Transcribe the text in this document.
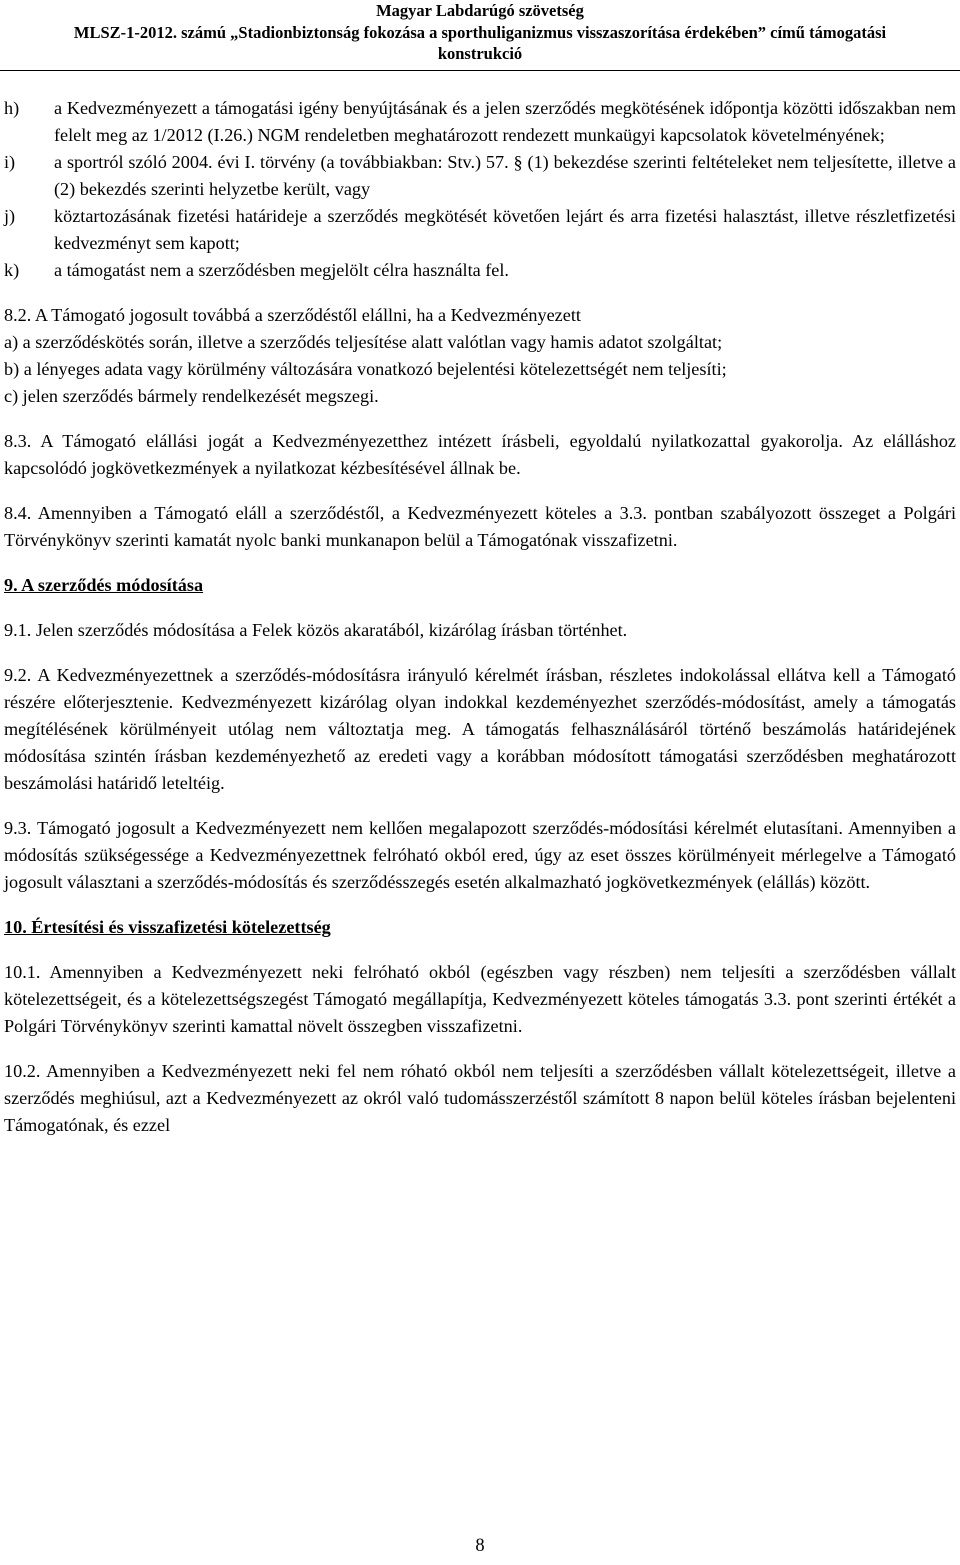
Magyar Labdarúgó szövetség
MLSZ-1-2012. számú „Stadionbiztonság fokozása a sporthuliganizmus visszaszorítása érdekében” című támogatási
konstrukció
h)	a Kedvezményezett a támogatási igény benyújtásának és a jelen szerződés megkötésének időpontja közötti időszakban nem felelt meg az 1/2012 (I.26.) NGM rendeletben meghatározott rendezett munkaügyi kapcsolatok követelményének;
i)	a sportról szóló 2004. évi I. törvény (a továbbiakban: Stv.) 57. § (1) bekezdése szerinti feltételeket nem teljesítette, illetve a (2) bekezdés szerinti helyzetbe került, vagy
j)	köztartozásának fizetési határideje a szerződés megkötését követően lejárt és arra fizetési halasztást, illetve részletfizetési kedvezményt sem kapott;
k)	a támogatást nem a szerződésben megjelölt célra használta fel.

8.2. A Támogató jogosult továbbá a szerződéstől elállni, ha a Kedvezményezett

a) a szerződéskötés során, illetve a szerződés teljesítése alatt valótlan vagy hamis adatot szolgáltat;

b) a lényeges adata vagy körülmény változására vonatkozó bejelentési kötelezettségét nem teljesíti;

c) jelen szerződés bármely rendelkezését megszegi.

8.3. A Támogató elállási jogát a Kedvezményezetthez intézett írásbeli, egyoldalú nyilatkozattal gyakorolja. Az elálláshoz kapcsolódó jogkövetkezmények a nyilatkozat kézbesítésével állnak be.

8.4. Amennyiben a Támogató eláll a szerződéstől, a Kedvezményezett köteles a 3.3. pontban szabályozott összeget a Polgári Törvénykönyv szerinti kamatát nyolc banki munkanapon belül a Támogatónak visszafizetni.

9. A szerződés módosítása

9.1. Jelen szerződés módosítása a Felek közös akaratából, kizárólag írásban történhet.

9.2. A Kedvezményezettnek a szerződés-módosításra irányuló kérelmét írásban, részletes indokolással ellátva kell a Támogató részére előterjesztenie. Kedvezményezett kizárólag olyan indokkal kezdeményezhet szerződés-módosítást, amely a támogatás megítélésének körülményeit utólag nem változtatja meg. A támogatás felhasználásáról történő beszámolás határidejének módosítása szintén írásban kezdeményezhető az eredeti vagy a korábban módosított támogatási szerződésben meghatározott beszámolási határidő leteltéig.

9.3. Támogató jogosult a Kedvezményezett nem kellően megalapozott szerződés-módosítási kérelmét elutasítani. Amennyiben a módosítás szükségessége a Kedvezményezettnek felróható okból ered, úgy az eset összes körülményeit mérlegelve a Támogató jogosult választani a szerződés-módosítás és szerződésszegés esetén alkalmazható jogkövetkezmények (elállás) között.

10. Értesítési és visszafizetési kötelezettség

10.1. Amennyiben a Kedvezményezett neki felróható okból (egészben vagy részben) nem teljesíti a szerződésben vállalt kötelezettségeit, és a kötelezettségszegést Támogató megállapítja, Kedvezményezett köteles támogatás 3.3. pont szerinti értékét a Polgári Törvénykönyv szerinti kamattal növelt összegben visszafizetni.

10.2. Amennyiben a Kedvezményezett neki fel nem róható okból nem teljesíti a szerződésben vállalt kötelezettségeit, illetve a szerződés meghiúsul, azt a Kedvezményezett az okról való tudomásszerzéstől számított 8 napon belül köteles írásban bejelenteni Támogatónak, és ezzel

8
